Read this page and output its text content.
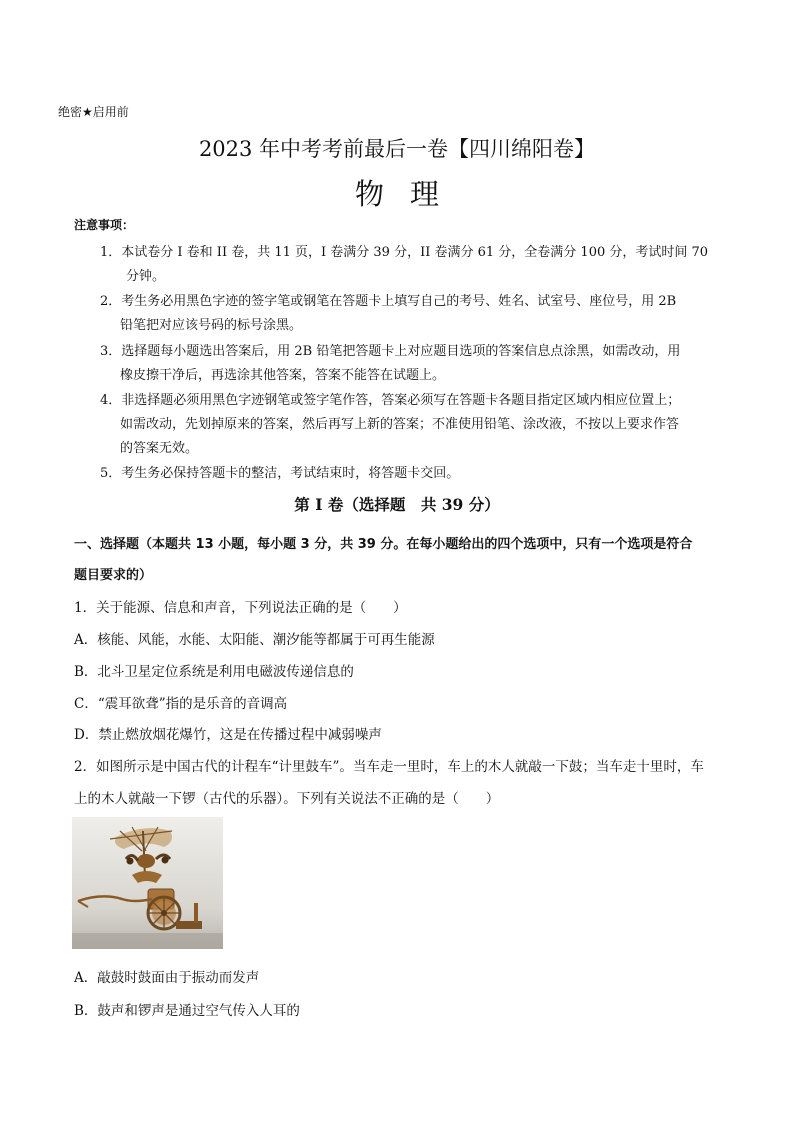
绝密★启用前
2023 年中考考前最后一卷【四川绵阳卷】
物理
注意事项：
1．本试卷分 I 卷和 II 卷，共 11 页，I 卷满分 39 分，II 卷满分 61 分，全卷满分 100 分，考试时间 70
分钟。
2．考生务必用黑色字迹的签字笔或钢笔在答题卡上填写自己的考号、姓名、试室号、座位号，用 2B
铅笔把对应该号码的标号涂黑。
3．选择题每小题选出答案后，用 2B 铅笔把答题卡上对应题目选项的答案信息点涂黑，如需改动，用
橡皮擦干净后，再选涂其他答案，答案不能答在试题上。
4．非选择题必须用黑色字迹钢笔或签字笔作答，答案必须写在答题卡各题目指定区域内相应位置上；
如需改动，先划掉原来的答案，然后再写上新的答案；不准使用铅笔、涂改液，不按以上要求作答
的答案无效。
5．考生务必保持答题卡的整洁，考试结束时，将答题卡交回。
第 I 卷（选择题　共 39 分）
一、选择题（本题共 13 小题，每小题 3 分，共 39 分。在每小题给出的四个选项中，只有一个选项是符合
题目要求的）
1．关于能源、信息和声音，下列说法正确的是（　　）
A．核能、风能，水能、太阳能、潮汐能等都属于可再生能源
B．北斗卫星定位系统是利用电磁波传递信息的
C．“震耳欲聋”指的是乐音的音调高
D．禁止燃放烟花爆竹，这是在传播过程中减弱噪声
2．如图所示是中国古代的计程车“计里鼓车”。当车走一里时，车上的木人就敲一下鼓；当车走十里时，车
上的木人就敲一下锣（古代的乐器）。下列有关说法不正确的是（　　）
A．敲鼓时鼓面由于振动而发声
B．鼓声和锣声是通过空气传入人耳的
